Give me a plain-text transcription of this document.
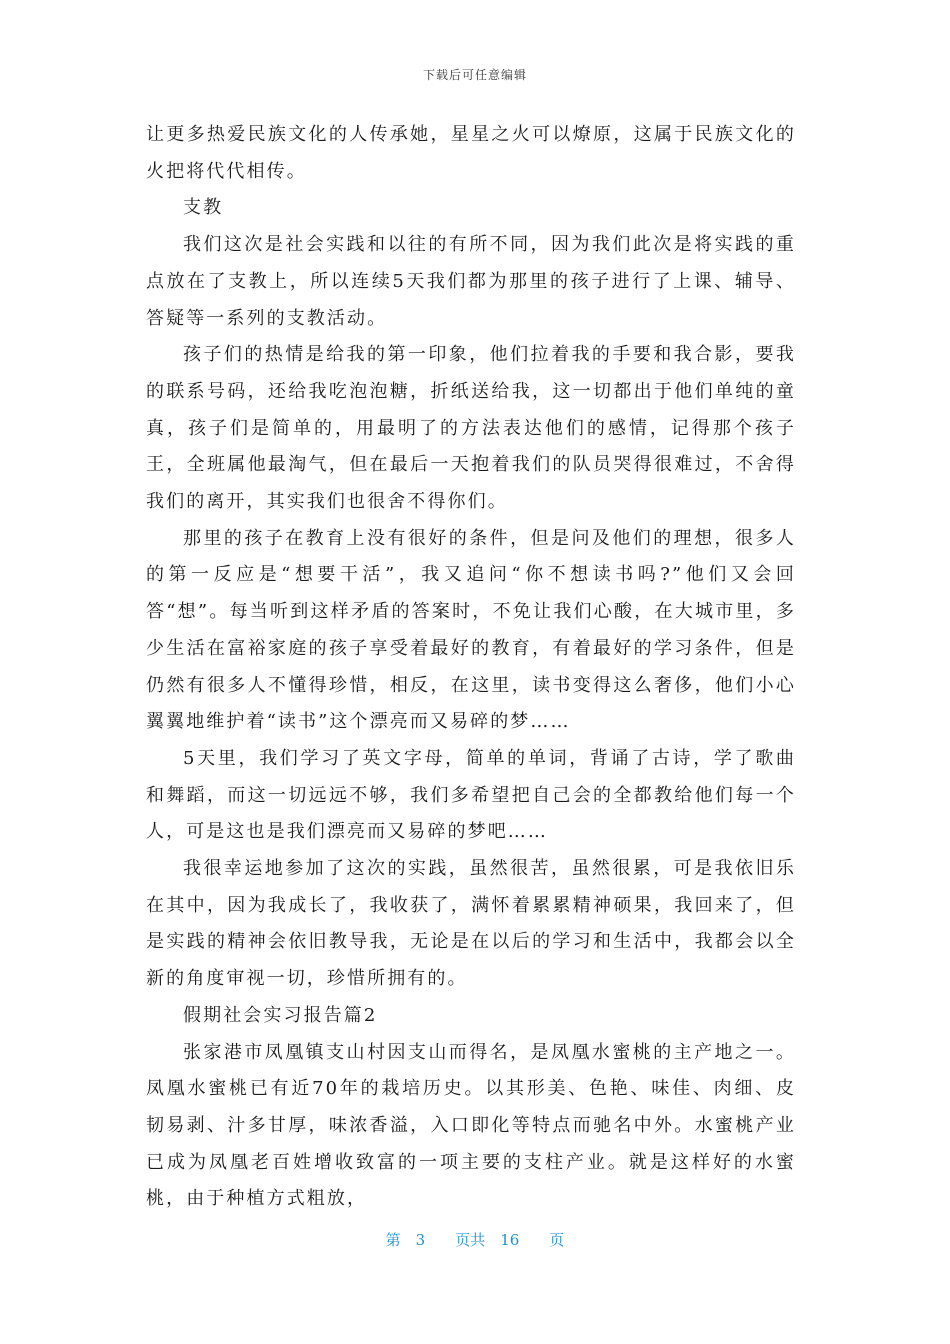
下载后可任意编辑

让更多热爱民族文化的人传承她，星星之火可以燎原，这属于民族文化的火把将代代相传。

支教

我们这次是社会实践和以往的有所不同，因为我们此次是将实践的重点放在了支教上，所以连续5天我们都为那里的孩子进行了上课、辅导、答疑等一系列的支教活动。

孩子们的热情是给我的第一印象，他们拉着我的手要和我合影，要我的联系号码，还给我吃泡泡糖，折纸送给我，这一切都出于他们单纯的童真，孩子们是简单的，用最明了的方法表达他们的感情，记得那个孩子王，全班属他最淘气，但在最后一天抱着我们的队员哭得很难过，不舍得我们的离开，其实我们也很舍不得你们。

那里的孩子在教育上没有很好的条件，但是问及他们的理想，很多人的第一反应是“想要干活”，我又追问“你不想读书吗?”他们又会回答“想”。每当听到这样矛盾的答案时，不免让我们心酸，在大城市里，多少生活在富裕家庭的孩子享受着最好的教育，有着最好的学习条件，但是仍然有很多人不懂得珍惜，相反，在这里，读书变得这么奢侈，他们小心翼翼地维护着“读书”这个漂亮而又易碎的梦……

5天里，我们学习了英文字母，简单的单词，背诵了古诗，学了歌曲和舞蹈，而这一切远远不够，我们多希望把自己会的全都教给他们每一个人，可是这也是我们漂亮而又易碎的梦吧……

我很幸运地参加了这次的实践，虽然很苦，虽然很累，可是我依旧乐在其中，因为我成长了，我收获了，满怀着累累精神硕果，我回来了，但是实践的精神会依旧教导我，无论是在以后的学习和生活中，我都会以全新的角度审视一切，珍惜所拥有的。

假期社会实习报告篇2

张家港市凤凰镇支山村因支山而得名，是凤凰水蜜桃的主产地之一。凤凰水蜜桃已有近70年的栽培历史。以其形美、色艳、味佳、肉细、皮韧易剥、汁多甘厚，味浓香溢，入口即化等特点而驰名中外。水蜜桃产业已成为凤凰老百姓增收致富的一项主要的支柱产业。就是这样好的水蜜桃，由于种植方式粗放，

第　3　　页共　16　　页
